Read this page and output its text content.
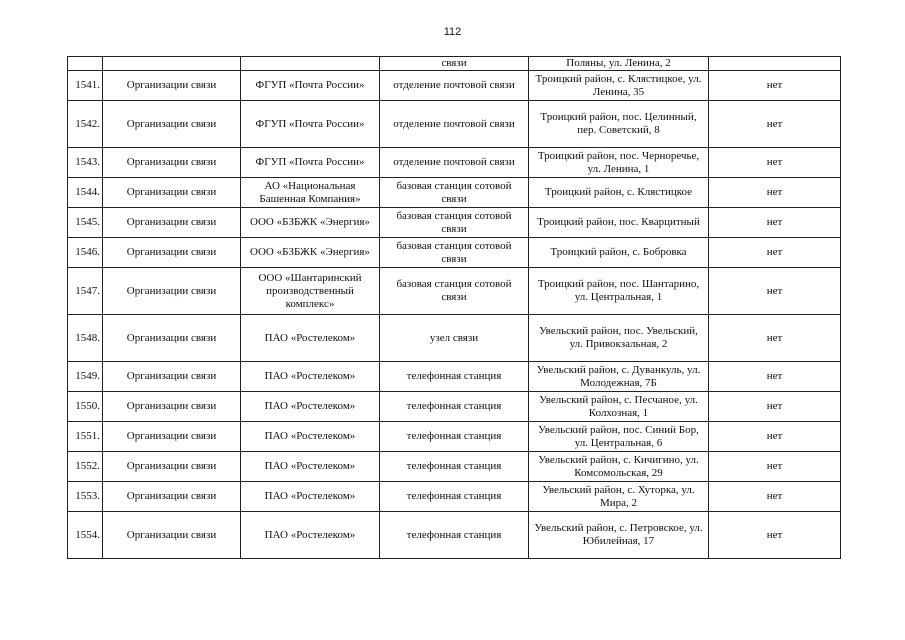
112
			связи	Поляны, ул. Ленина, 2	
1541.	Организации связи	ФГУП «Почта России»	отделение почтовой связи	Троицкий район, с. Клястицкое, ул. Ленина, 35	нет
1542.	Организации связи	ФГУП «Почта России»	отделение почтовой связи	Троицкий район, пос. Целинный, пер. Советский, 8	нет
1543.	Организации связи	ФГУП «Почта России»	отделение почтовой связи	Троицкий район, пос. Черноречье, ул. Ленина, 1	нет
1544.	Организации связи	АО «Национальная Башенная Компания»	базовая станция сотовой связи	Троицкий район, с. Клястицкое	нет
1545.	Организации связи	ООО «БЗБЖК «Энергия»	базовая станция сотовой связи	Троицкий район, пос. Кварцитный	нет
1546.	Организации связи	ООО «БЗБЖК «Энергия»	базовая станция сотовой связи	Троицкий район, с. Бобровка	нет
1547.	Организации связи	ООО «Шантаринский производственный комплекс»	базовая станция сотовой связи	Троицкий район, пос. Шантарино, ул. Центральная, 1	нет
1548.	Организации связи	ПАО «Ростелеком»	узел связи	Увельский район, пос. Увельский, ул. Привокзальная, 2	нет
1549.	Организации связи	ПАО «Ростелеком»	телефонная станция	Увельский район, с. Дуванкуль, ул. Молодежная, 7Б	нет
1550.	Организации связи	ПАО «Ростелеком»	телефонная станция	Увельский район, с. Песчаное, ул. Колхозная, 1	нет
1551.	Организации связи	ПАО «Ростелеком»	телефонная станция	Увельский район, пос. Синий Бор, ул. Центральная, 6	нет
1552.	Организации связи	ПАО «Ростелеком»	телефонная станция	Увельский район, с. Кичигино, ул. Комсомольская, 29	нет
1553.	Организации связи	ПАО «Ростелеком»	телефонная станция	Увельский район, с. Хуторка, ул. Мира, 2	нет
1554.	Организации связи	ПАО «Ростелеком»	телефонная станция	Увельский район, с. Петровское, ул. Юбилейная, 17	нет
